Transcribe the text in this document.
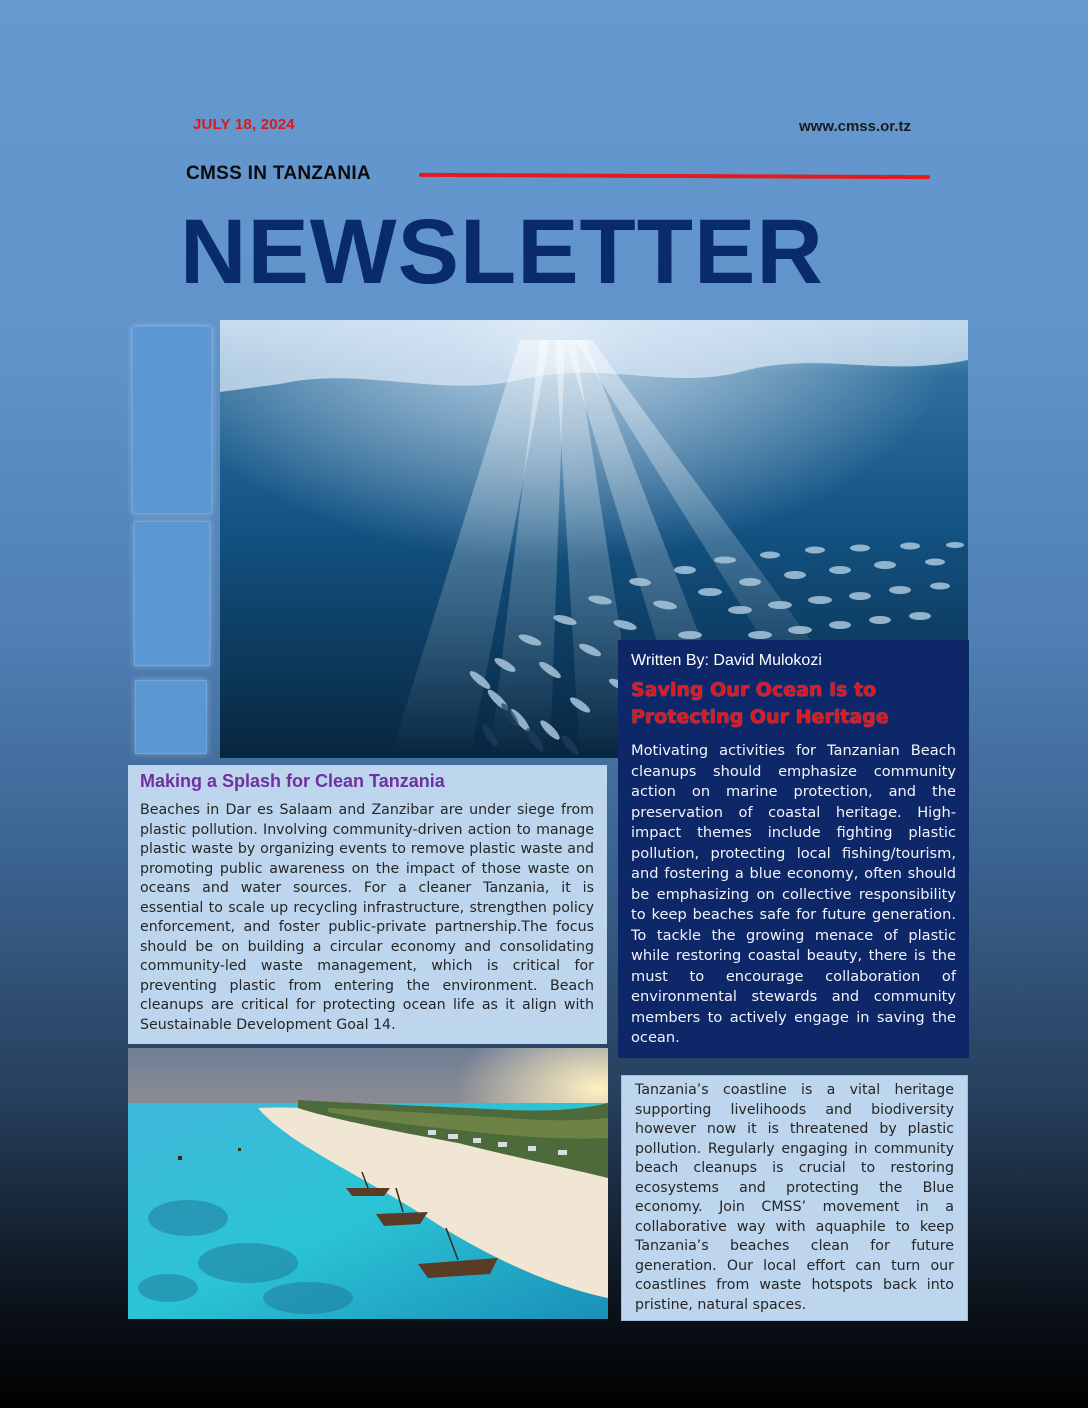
JULY 18, 2024	www.cmss.or.tz
CMSS IN TANZANIA
NEWSLETTER

Written By: David Mulokozi

Saving Our Ocean Is to Protecting Our Heritage

Motivating activities for Tanzanian Beach cleanups should emphasize community action on marine protection, and the preservation of coastal heritage. High-impact themes include fighting plastic pollution, protecting local fishing/tourism, and fostering a blue economy, often should be emphasizing on collective responsibility to keep beaches safe for future generation. To tackle the growing menace of plastic while restoring coastal beauty, there is the must to encourage collaboration of environmental stewards and community members to actively engage in saving the ocean.

Making a Splash for Clean Tanzania

Beaches in Dar es Salaam and Zanzibar are under siege from plastic pollution. Involving community-driven action to manage plastic waste by organizing events to remove plastic waste and promoting public awareness on the impact of those waste on oceans and water sources. For a cleaner Tanzania, it is essential to scale up recycling infrastructure, strengthen policy enforcement, and foster public-private partnership.The focus should be on building a circular economy and consolidating community-led waste management, which is critical for preventing plastic from entering the environment. Beach cleanups are critical for protecting ocean life as it align with Seustainable Development Goal 14.

Tanzania’s coastline is a vital heritage supporting livelihoods and biodiversity however now it is threatened by plastic pollution. Regularly engaging in community beach cleanups is crucial to restoring ecosystems and protecting the Blue economy. Join CMSS’ movement in a collaborative way with aquaphile to keep Tanzania’s beaches clean for future generation. Our local effort can turn our coastlines from waste hotspots back into pristine, natural spaces.
